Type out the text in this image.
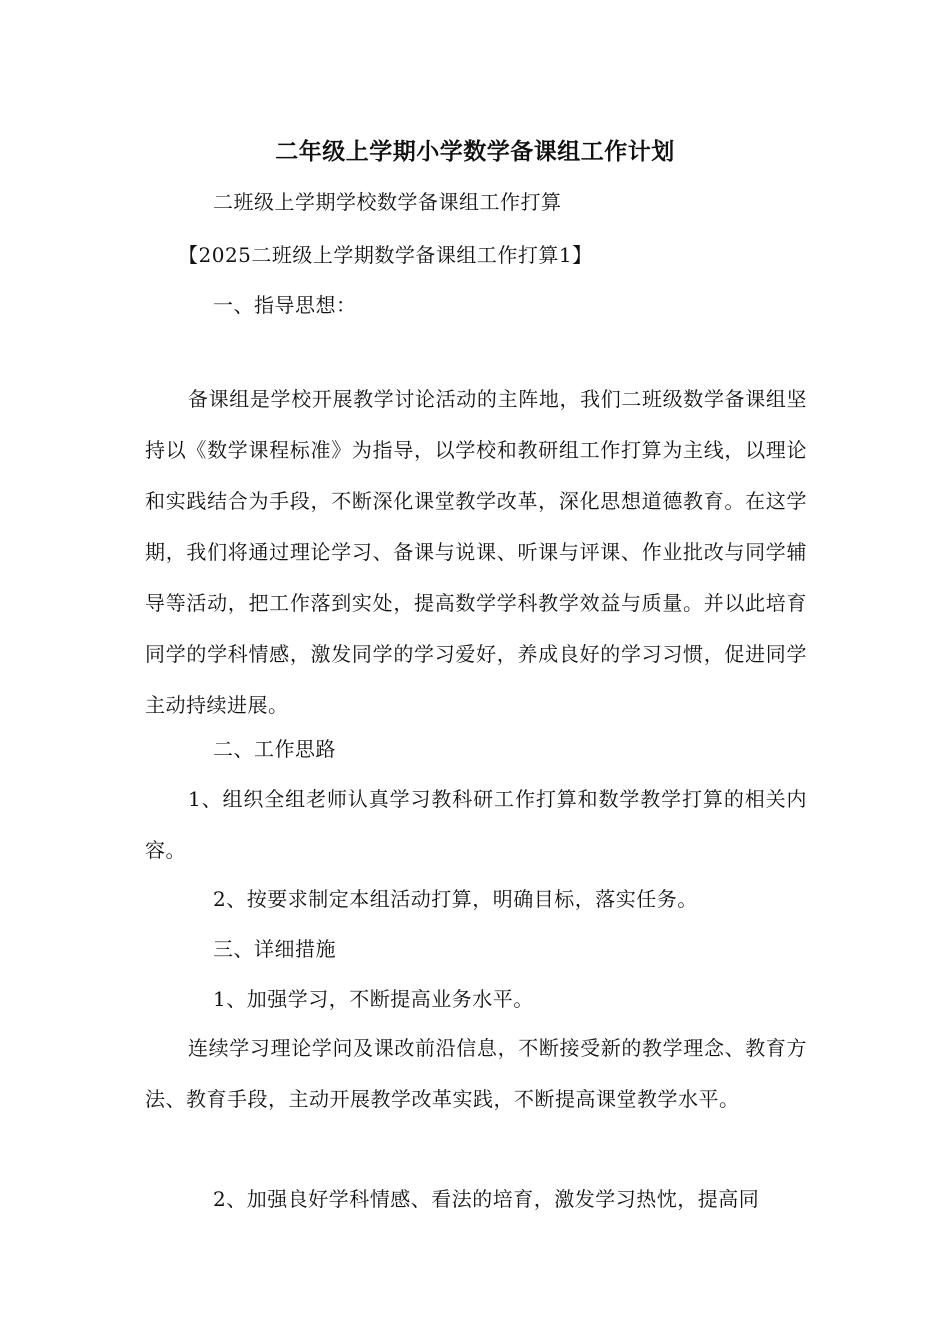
二年级上学期小学数学备课组工作计划
二班级上学期学校数学备课组工作打算
【2025二班级上学期数学备课组工作打算1】
一、指导思想：

备课组是学校开展教学讨论活动的主阵地，我们二班级数学备课组坚持以《数学课程标准》为指导，以学校和教研组工作打算为主线，以理论和实践结合为手段，不断深化课堂教学改革，深化思想道德教育。在这学期，我们将通过理论学习、备课与说课、听课与评课、作业批改与同学辅导等活动，把工作落到实处，提高数学学科教学效益与质量。并以此培育同学的学科情感，激发同学的学习爱好，养成良好的学习习惯，促进同学主动持续进展。

二、工作思路

1、组织全组老师认真学习教科研工作打算和数学教学打算的相关内容。

2、按要求制定本组活动打算，明确目标，落实任务。
三、详细措施
1、加强学习，不断提高业务水平。

连续学习理论学问及课改前沿信息，不断接受新的教学理念、教育方法、教育手段，主动开展教学改革实践，不断提高课堂教学水平。

2、加强良好学科情感、看法的培育，激发学习热忱，提高同
